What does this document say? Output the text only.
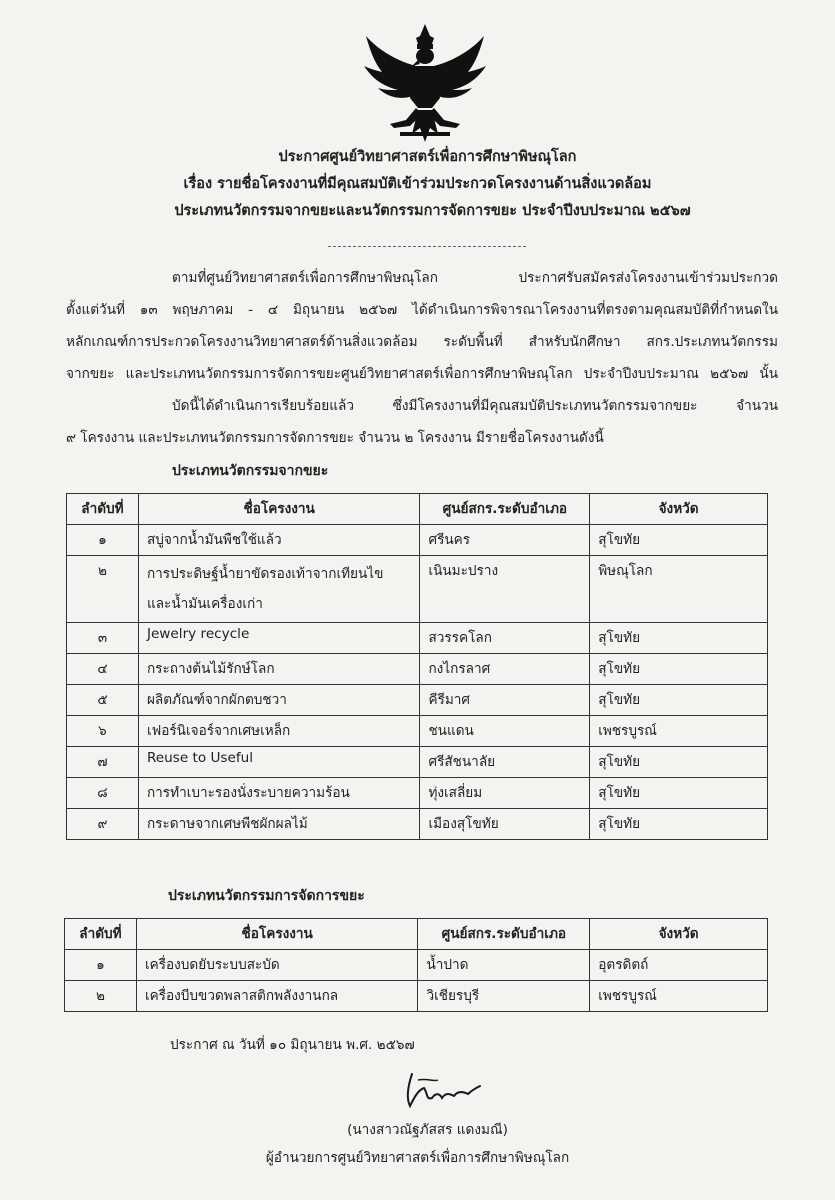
ประกาศศูนย์วิทยาศาสตร์เพื่อการศึกษาพิษณุโลก
เรื่อง รายชื่อโครงงานที่มีคุณสมบัติเข้าร่วมประกวดโครงงานด้านสิ่งแวดล้อม
ประเภทนวัตกรรมจากขยะและนวัตกรรมการจัดการขยะ ประจำปีงบประมาณ ๒๕๖๗

ตามที่ศูนย์วิทยาศาสตร์เพื่อการศึกษาพิษณุโลก ประกาศรับสมัครส่งโครงงานเข้าร่วมประกวด

ตั้งแต่วันที่ ๑๓ พฤษภาคม - ๔ มิถุนายน ๒๕๖๗ ได้ดำเนินการพิจารณาโครงงานที่ตรงตามคุณสมบัติที่กำหนดใน

หลักเกณฑ์การประกวดโครงงานวิทยาศาสตร์ด้านสิ่งแวดล้อม ระดับพื้นที่ สำหรับนักศึกษา สกร.ประเภทนวัตกรรม

จากขยะ และประเภทนวัตกรรมการจัดการขยะศูนย์วิทยาศาสตร์เพื่อการศึกษาพิษณุโลก ประจำปีงบประมาณ ๒๕๖๗ นั้น

บัดนี้ได้ดำเนินการเรียบร้อยแล้ว ซึ่งมีโครงงานที่มีคุณสมบัติประเภทนวัตกรรมจากขยะ จำนวน

๙ โครงงาน และประเภทนวัตกรรมการจัดการขยะ จำนวน ๒ โครงงาน มีรายชื่อโครงงานดังนี้

ประเภทนวัตกรรมจากขยะ
ลำดับที่	ชื่อโครงงาน	ศูนย์สกร.ระดับอำเภอ	จังหวัด
๑	สบู่จากน้ำมันพืชใช้แล้ว	ศรีนคร	สุโขทัย
๒	การประดิษฐ์น้ำยาขัดรองเท้าจากเทียนไข
และน้ำมันเครื่องเก่า	เนินมะปราง	พิษณุโลก
๓	Jewelry recycle	สวรรคโลก	สุโขทัย
๔	กระถางต้นไม้รักษ์โลก	กงไกรลาศ	สุโขทัย
๕	ผลิตภัณฑ์จากผักตบชวา	คีรีมาศ	สุโขทัย
๖	เฟอร์นิเจอร์จากเศษเหล็ก	ชนแดน	เพชรบูรณ์
๗	Reuse to Useful	ศรีสัชนาลัย	สุโขทัย
๘	การทำเบาะรองนั่งระบายความร้อน	ทุ่งเสลี่ยม	สุโขทัย
๙	กระดาษจากเศษพืชผักผลไม้	เมืองสุโขทัย	สุโขทัย
ประเภทนวัตกรรมการจัดการขยะ
ลำดับที่	ชื่อโครงงาน	ศูนย์สกร.ระดับอำเภอ	จังหวัด
๑	เครื่องบดยับระบบสะบัด	น้ำปาด	อุตรดิตถ์
๒	เครื่องบีบขวดพลาสติกพลังงานกล	วิเชียรบุรี	เพชรบูรณ์
ประกาศ ณ วันที่ ๑๐ มิถุนายน พ.ศ. ๒๕๖๗
(นางสาวณัฐภัสสร แดงมณี)
ผู้อำนวยการศูนย์วิทยาศาสตร์เพื่อการศึกษาพิษณุโลก
